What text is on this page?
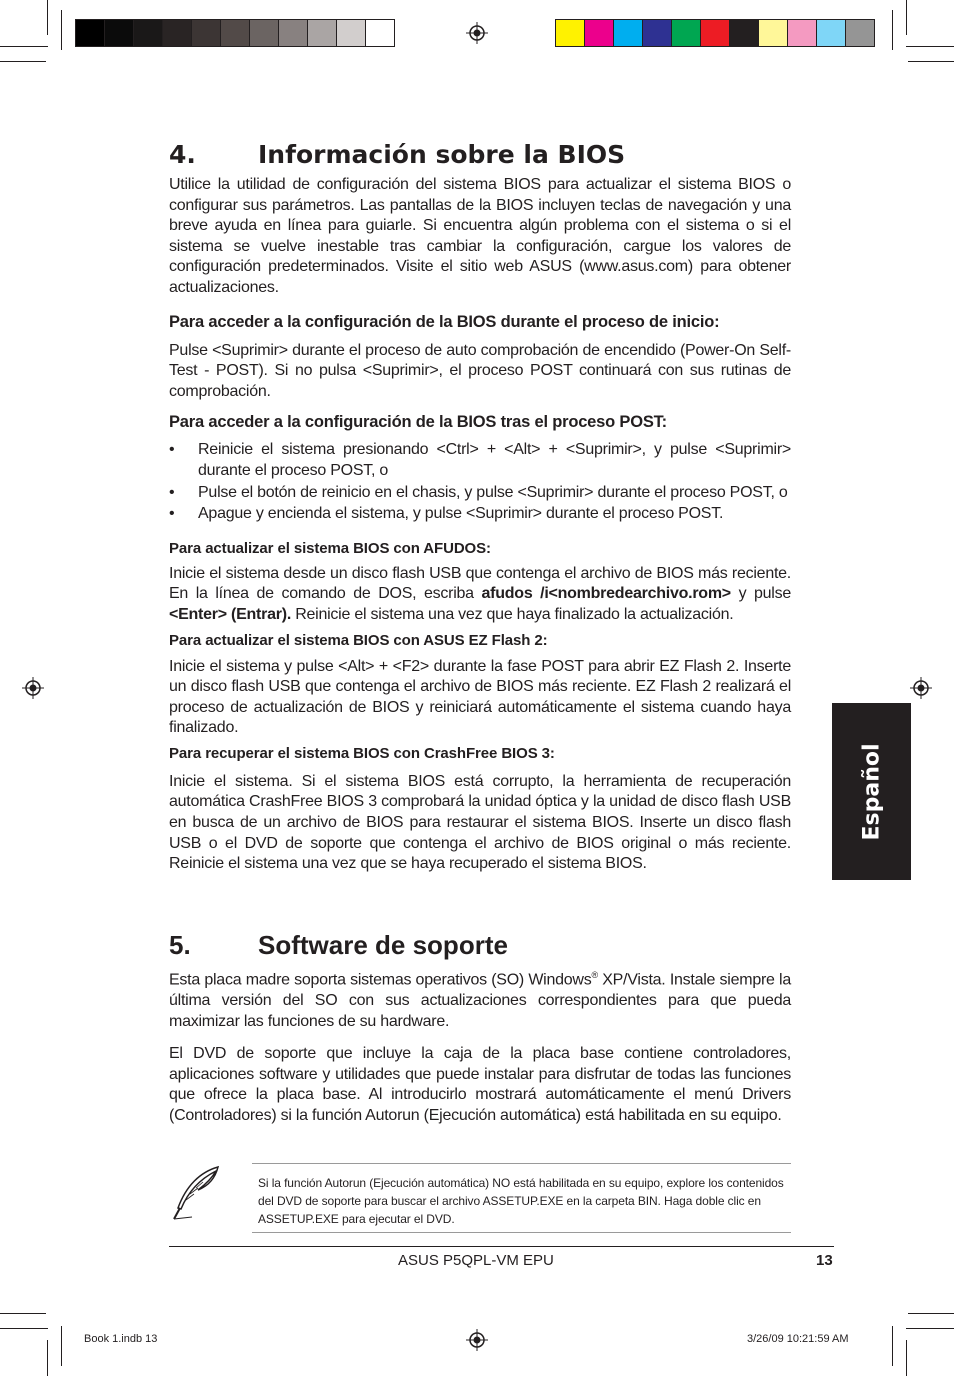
Español
4. Información sobre la BIOS

Utilice la utilidad de configuración del sistema BIOS para actualizar el sistema BIOS o configurar sus parámetros. Las pantallas de la BIOS incluyen teclas de navegación y una breve ayuda en línea para guiarle. Si encuentra algún problema con el sistema o si el sistema se vuelve inestable tras cambiar la configuración, cargue los valores de configuración predeterminados. Visite el sitio web ASUS (www.asus.com) para obtener actualizaciones.

Para acceder a la configuración de la BIOS durante el proceso de inicio:

Pulse <Suprimir> durante el proceso de auto comprobación de encendido (Power-On Self-Test - POST). Si no pulsa <Suprimir>, el proceso POST continuará con sus rutinas de comprobación.

Para acceder a la configuración de la BIOS tras el proceso POST:
• Reinicie el sistema presionando <Ctrl> + <Alt> + <Suprimir>, y pulse <Suprimir> durante el proceso POST, o
• Pulse el botón de reinicio en el chasis, y pulse <Suprimir> durante el proceso POST, o
• Apague y encienda el sistema, y pulse <Suprimir> durante el proceso POST.
Para actualizar el sistema BIOS con AFUDOS:

Inicie el sistema desde un disco flash USB que contenga el archivo de BIOS más reciente. En la línea de comando de DOS, escriba afudos /i<nombredearchivo.rom> y pulse <Enter> (Entrar). Reinicie el sistema una vez que haya finalizado la actualización.

Para actualizar el sistema BIOS con ASUS EZ Flash 2:

Inicie el sistema y pulse <Alt> + <F2> durante la fase POST para abrir EZ Flash 2. Inserte un disco flash USB que contenga el archivo de BIOS más reciente. EZ Flash 2 realizará el proceso de actualización de BIOS y reiniciará automáticamente el sistema cuando haya finalizado.

Para recuperar el sistema BIOS con CrashFree BIOS 3:

Inicie el sistema. Si el sistema BIOS está corrupto, la herramienta de recuperación automática CrashFree BIOS 3 comprobará la unidad óptica y la unidad de disco flash USB en busca de un archivo de BIOS para restaurar el sistema BIOS. Inserte un disco flash USB o el DVD de soporte que contenga el archivo de BIOS original o más reciente. Reinicie el sistema una vez que se haya recuperado el sistema BIOS.

5.	Software de soporte

Esta placa madre soporta sistemas operativos (SO) Windows® XP/Vista. Instale siempre la última versión del SO con sus actualizaciones correspondientes para que pueda maximizar las funciones de su hardware.

El DVD de soporte que incluye la caja de la placa base contiene controladores, aplicaciones software y utilidades que puede instalar para disfrutar de todas las funciones que ofrece la placa base. Al introducirlo mostrará automáticamente el menú Drivers (Controladores) si la función Autorun (Ejecución automática) está habilitada en su equipo.

Si la función Autorun (Ejecución automática) NO está habilitada en su equipo, explore los contenidos del DVD de soporte para buscar el archivo ASSETUP.EXE en la carpeta BIN. Haga doble clic en ASSETUP.EXE para ejecutar el DVD.
ASUS P5QPL-VM EPU	13
Book 1.indb 13	3/26/09 10:21:59 AM
